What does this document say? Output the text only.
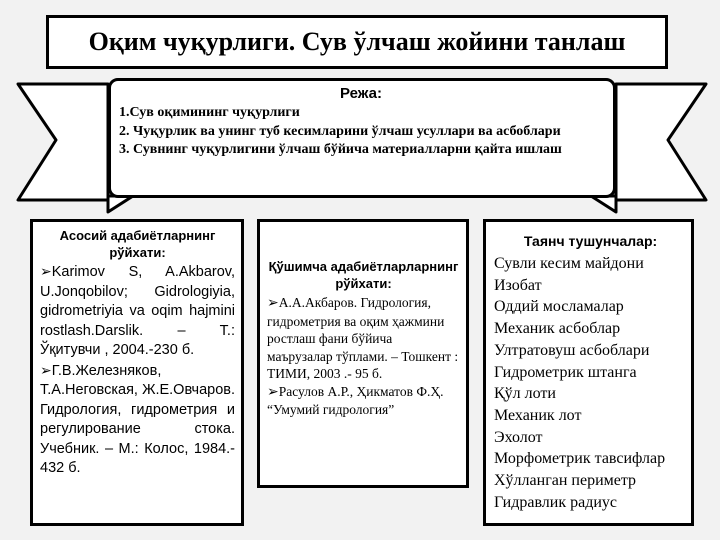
Оқим чуқурлиги. Сув ўлчаш жойини танлаш
Режа:
1.Сув оқимининг чуқурлиги
2. Чуқурлик ва унинг туб кесимларини ўлчаш усуллари ва асбоблари
3. Сувнинг чуқурлигини ўлчаш бўйича материалларни қайта ишлаш
Асосий адабиётларнинг рўйхати:
➢Karimov S, A.Akbarov, U.Jonqobilov; Gidrologiyia, gidrometriyia va oqim hajmini rostlash.Darslik. – T.: Ўқитувчи , 2004.-230 б.
➢Г.В.Железняков, Т.А.Неговская, Ж.Е.Овчаров. Гидрология, гидрометрия и регулирование стока. Учебник. – М.: Колос, 1984.- 432 б.
Қўшимча адабиётларларнинг рўйхати:
➢А.А.Акбаров. Гидрология, гидрометрия ва оқим ҳажмини ростлаш фани бўйича маърузалар тўплами. – Тошкент : ТИМИ, 2003 .- 95 б.
➢Расулов А.Р., Ҳикматов Ф.Ҳ. “Умумий гидрология”
Таянч тушунчалар:
Сувли кесим майдони
Изобат
Оддий мосламалар
Механик асбоблар
Ултратовуш асбоблари
Гидрометрик штанга
Қўл лоти
Механик лот
Эхолот
Морфометрик тавсифлар
Хўлланган периметр
Гидравлик радиус
